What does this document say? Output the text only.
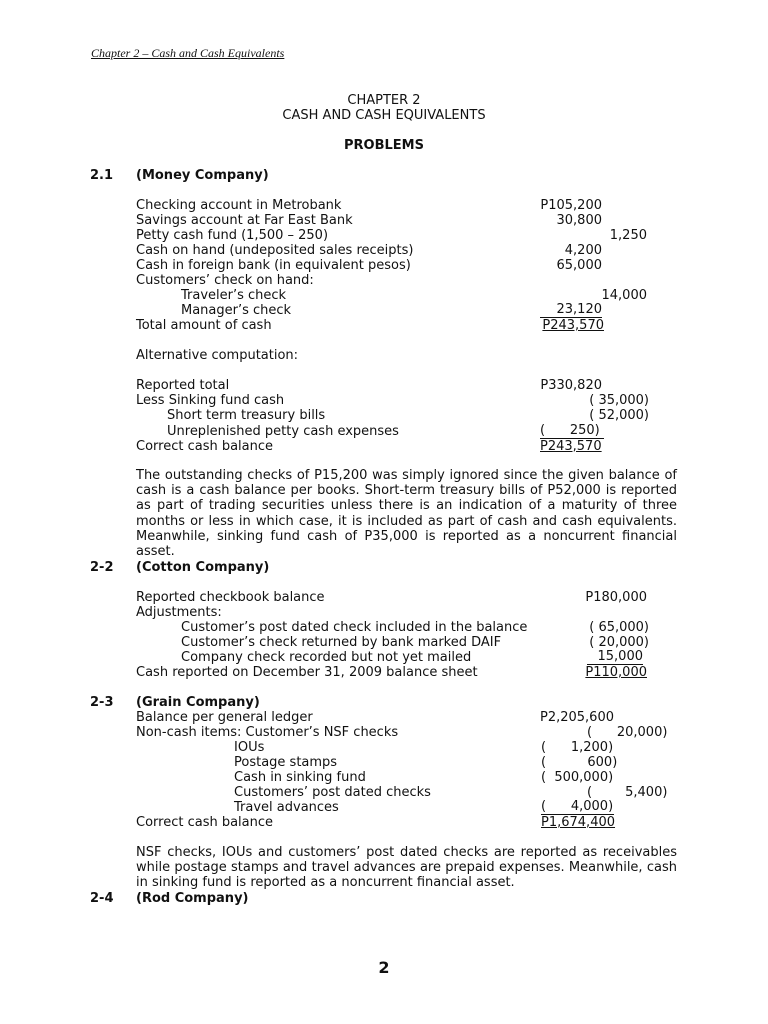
Chapter 2 – Cash and Cash Equivalents
CHAPTER 2
CASH AND CASH EQUIVALENTS
PROBLEMS
2.1 (Money Company)
Checking account in Metrobank	P105,200
Savings account at Far East Bank	30,800
Petty cash fund (1,500 – 250)	1,250
Cash on hand (undeposited sales receipts)	4,200
Cash in foreign bank (in equivalent pesos)	65,000
Customers’ check on hand:
Traveler’s check	14,000
Manager’s check	23,120
Total amount of cash	P243,570
Alternative computation:
Reported total	P330,820
Less Sinking fund cash	( 35,000)
Short term treasury bills	( 52,000)
Unreplenished petty cash expenses	(      250)
Correct cash balance	P243,570
The outstanding checks of P15,200 was simply ignored since the given balance of cash is a cash balance per books. Short-term treasury bills of P52,000 is reported as part of trading securities unless there is an indication of a maturity of three months or less in which case, it is included as part of cash and cash equivalents. Meanwhile, sinking fund cash of P35,000 is reported as a noncurrent financial asset.
2-2 (Cotton Company)
Reported checkbook balance	P180,000
Adjustments:
Customer’s post dated check included in the balance	( 65,000)
Customer’s check returned by bank marked DAIF	( 20,000)
Company check recorded but not yet mailed	15,000
Cash reported on December 31, 2009 balance sheet	P110,000
2-3 (Grain Company)
Balance per general ledger	P2,205,600
Non-cash items: Customer’s NSF checks	(      20,000)
IOUs	(      1,200)
Postage stamps	(          600)
Cash in sinking fund	(  500,000)
Customers’ post dated checks	(        5,400)
Travel advances	(      4,000)
Correct cash balance	P1,674,400
NSF checks, IOUs and customers’ post dated checks are reported as receivables while postage stamps and travel advances are prepaid expenses. Meanwhile, cash in sinking fund is reported as a noncurrent financial asset.
2-4 (Rod Company)
2
